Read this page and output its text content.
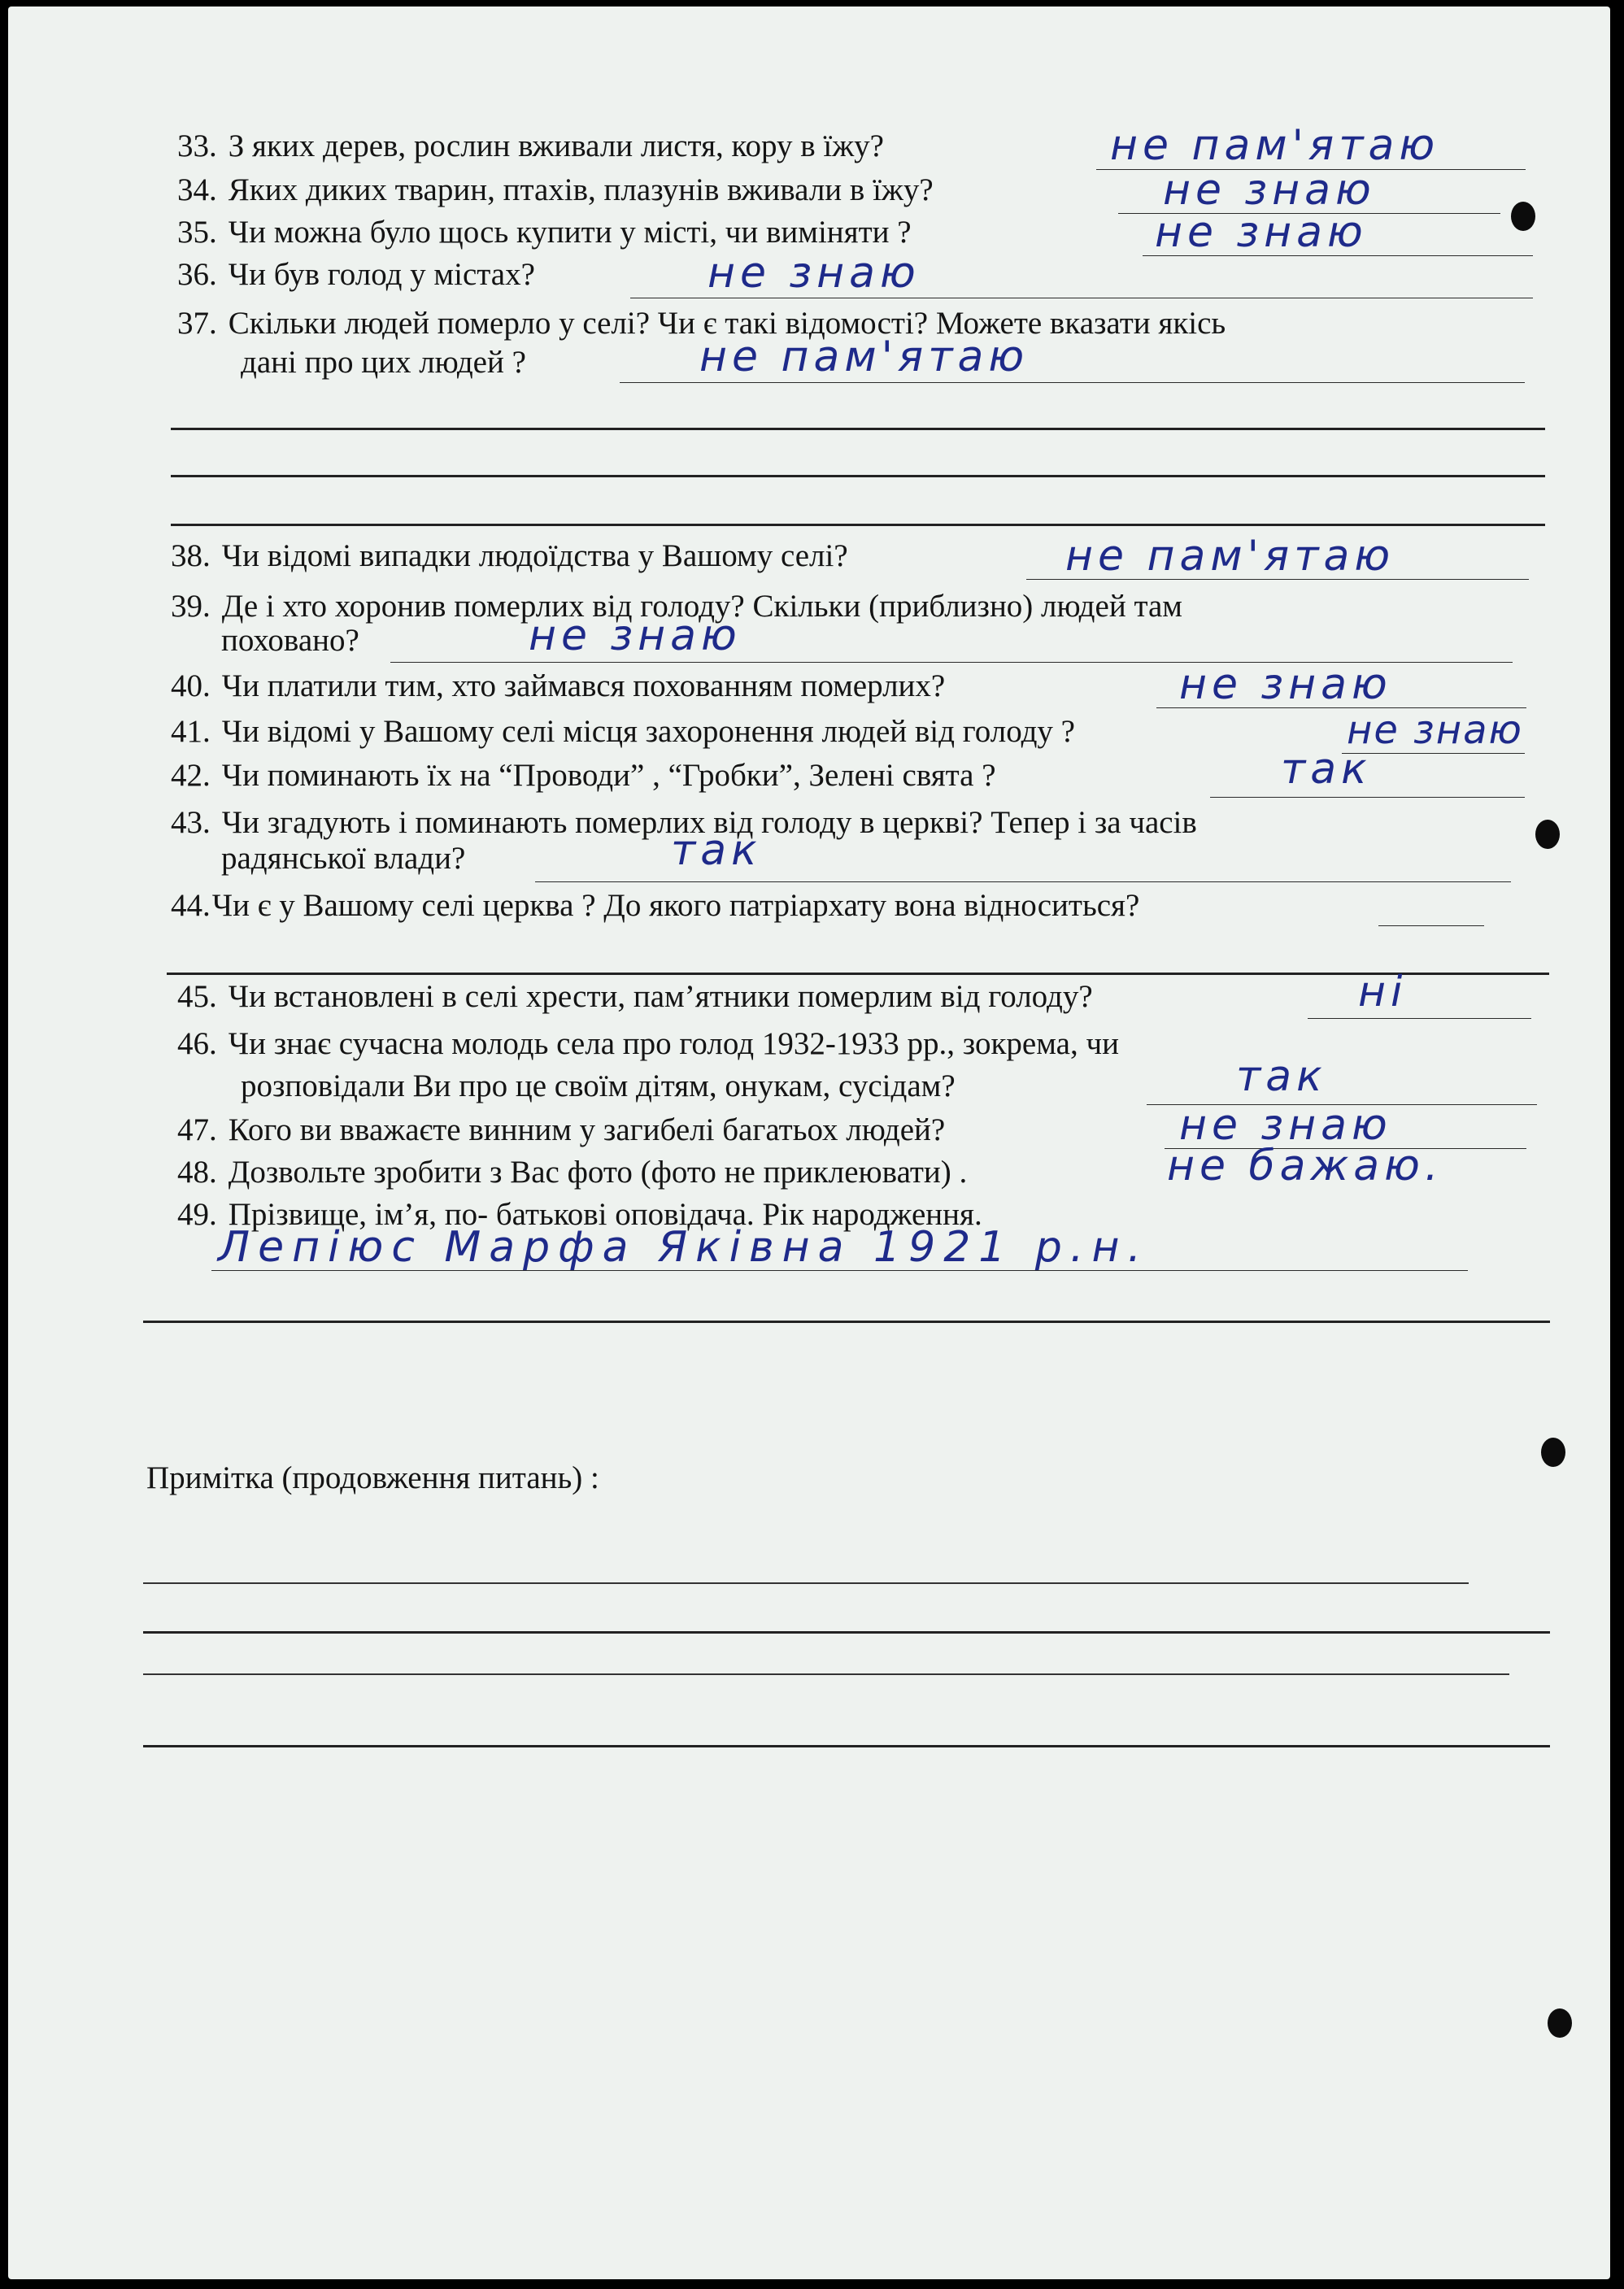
33. З яких дерев, рослин вживали листя, кору в їжу?	не пам'ятаю
34. Яких диких тварин, птахів, плазунів вживали в їжу?	не знаю
35. Чи можна було щось купити у місті, чи виміняти ?	не знаю
36. Чи був голод у містах?	не знаю
37. Скільки людей померло у селі? Чи є такі відомості? Можете вказати якісь
дані про цих людей ?	не пам'ятаю
38. Чи відомі випадки людоїдства у Вашому селі?	не пам'ятаю
39. Де і хто хоронив померлих від голоду? Скільки (приблизно) людей там
поховано?	не знаю
40. Чи платили тим, хто займався похованням померлих?	не знаю
41. Чи відомі у Вашому селі місця захоронення людей від голоду ?	не знаю
42. Чи поминають їх на “Проводи” , “Гробки”, Зелені свята ?	так
43. Чи згадують і поминають померлих від голоду в церкві? Тепер і за часів
радянської влади?	так
44.Чи є у Вашому селі церква ? До якого патріархату вона відноситься?
45. Чи встановлені в селі хрести, пам’ятники померлим від голоду?	ні
46. Чи знає сучасна молодь села про голод 1932-1933 рр., зокрема, чи
розповідали Ви про це своїм дітям, онукам, сусідам?	так
47. Кого ви вважаєте винним у загибелі багатьох людей?	не знаю
48. Дозвольте зробити з Вас фото (фото не приклеювати) .	не бажаю.
49. Прізвище, ім’я, по- батькові оповідача. Рік народження.
Лепіюс Марфа Яківна 1921 р.н.
Примітка (продовження питань) :
